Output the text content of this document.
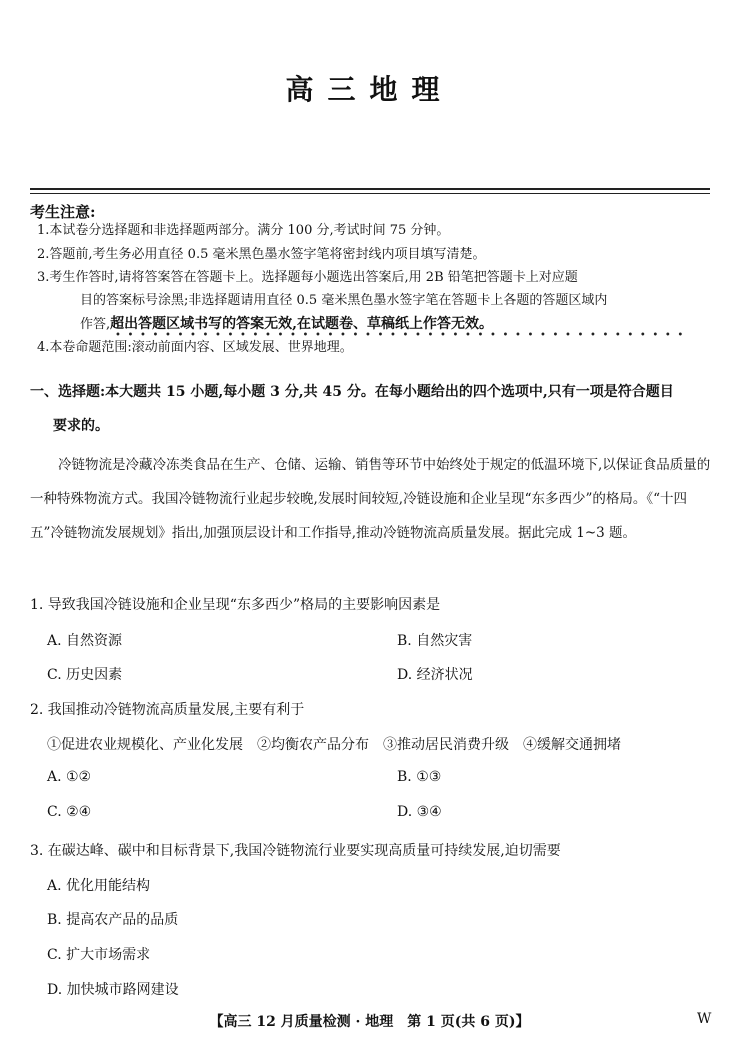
高三地理
考生注意:
1.本试卷分选择题和非选择题两部分。满分 100 分,考试时间 75 分钟。
2.答题前,考生务必用直径 0.5 毫米黑色墨水签字笔将密封线内项目填写清楚。
3.考生作答时,请将答案答在答题卡上。选择题每小题选出答案后,用 2B 铅笔把答题卡上对应题
目的答案标号涂黑;非选择题请用直径 0.5 毫米黑色墨水签字笔在答题卡上各题的答题区域内
作答,超出答题区域书写的答案无效,在试题卷、草稿纸上作答无效。
••••••••••••••••••••••••••••••••••••••••••••••
4.本卷命题范围:滚动前面内容、区域发展、世界地理。
一、选择题:本大题共 15 小题,每小题 3 分,共 45 分。在每小题给出的四个选项中,只有一项是符合题目
要求的。
冷链物流是冷藏冷冻类食品在生产、仓储、运输、销售等环节中始终处于规定的低温环境下,以保证食品质量的一种特殊物流方式。我国冷链物流行业起步较晚,发展时间较短,冷链设施和企业呈现“东多西少”的格局。《“十四五”冷链物流发展规划》指出,加强顶层设计和工作指导,推动冷链物流高质量发展。据此完成 1~3 题。
1. 导致我国冷链设施和企业呈现“东多西少”格局的主要影响因素是
A. 自然资源	B. 自然灾害
C. 历史因素	D. 经济状况
2. 我国推动冷链物流高质量发展,主要有利于
①促进农业规模化、产业化发展　②均衡农产品分布　③推动居民消费升级　④缓解交通拥堵
A. ①②	B. ①③
C. ②④	D. ③④
3. 在碳达峰、碳中和目标背景下,我国冷链物流行业要实现高质量可持续发展,迫切需要
A. 优化用能结构
B. 提高农产品的品质
C. 扩大市场需求
D. 加快城市路网建设
【高三 12 月质量检测 · 地理　第 1 页(共 6 页)】	W
